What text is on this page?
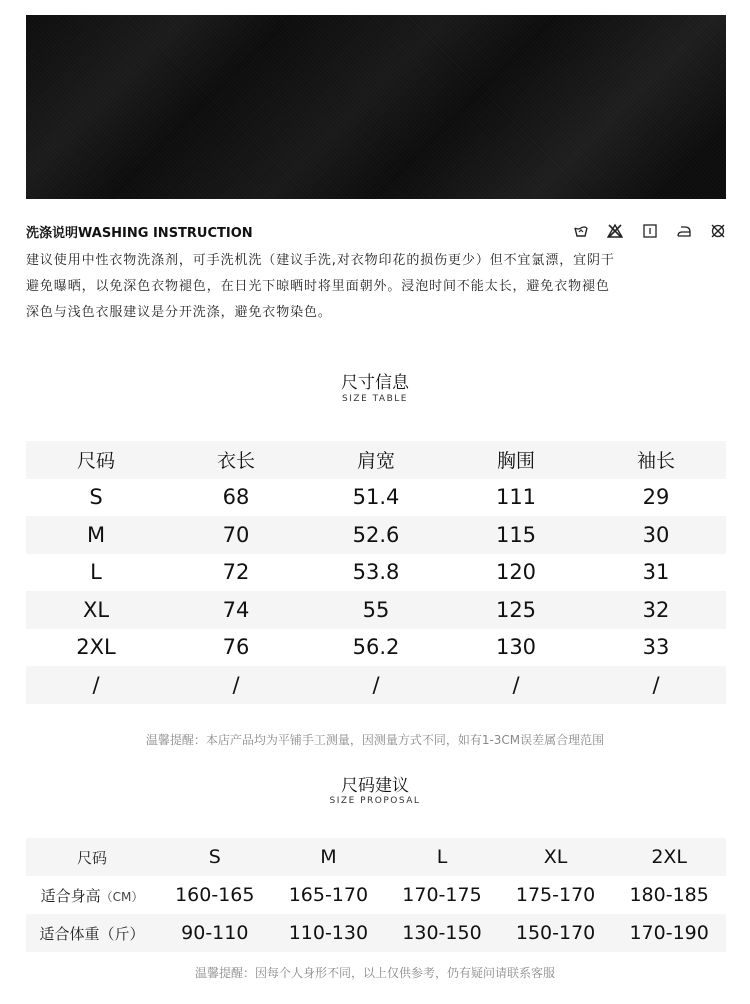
洗涤说明WASHING INSTRUCTION
建议使用中性衣物洗涤剂，可手洗机洗（建议手洗,对衣物印花的损伤更少）但不宜氯漂，宜阴干
避免曝晒，以免深色衣物褪色，在日光下晾晒时将里面朝外。浸泡时间不能太长，避免衣物褪色
深色与浅色衣服建议是分开洗涤，避免衣物染色。
尺寸信息
SIZE TABLE
尺码	衣长	肩宽	胸围	袖长
S	68	51.4	111	29
M	70	52.6	115	30
L	72	53.8	120	31
XL	74	55	125	32
2XL	76	56.2	130	33
/	/	/	/	/
温馨提醒：本店产品均为平铺手工测量，因测量方式不同，如有1-3CM误差属合理范围
尺码建议
SIZE PROPOSAL
尺码	S	M	L	XL	2XL
适合身高（CM）	160-165	165-170	170-175	175-170	180-185
适合体重（斤）	90-110	110-130	130-150	150-170	170-190
温馨提醒：因每个人身形不同，以上仅供参考，仍有疑问请联系客服
